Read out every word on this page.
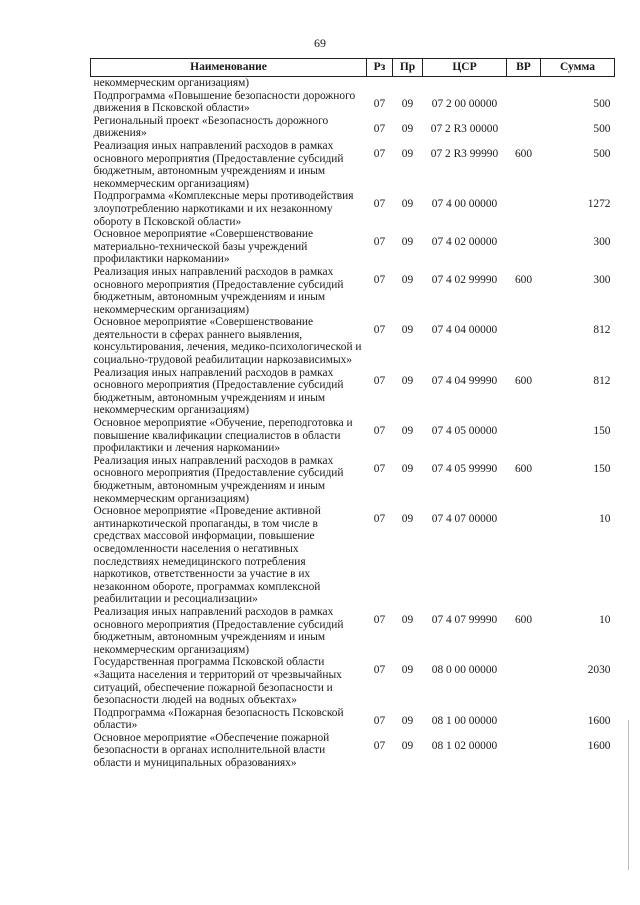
69
Наименование	Рз	Пр	ЦСР	ВР	Сумма
некоммерческим организациям)					
Подпрограмма «Повышение безопасности дорожного движения в Псковской области»	07	09	07 2 00 00000		500
Региональный проект «Безопасность дорожного движения»	07	09	07 2 R3 00000		500
Реализация иных направлений расходов в рамках основного мероприятия (Предоставление субсидий бюджетным, автономным учреждениям и иным некоммерческим организациям)	07	09	07 2 R3 99990	600	500
Подпрограмма «Комплексные меры противодействия злоупотреблению наркотиками и их незаконному обороту в Псковской области»	07	09	07 4 00 00000		1272
Основное мероприятие «Совершенствование материально-технической базы учреждений профилактики наркомании»	07	09	07 4 02 00000		300
Реализация иных направлений расходов в рамках основного мероприятия (Предоставление субсидий бюджетным, автономным учреждениям и иным некоммерческим организациям)	07	09	07 4 02 99990	600	300
Основное мероприятие «Совершенствование деятельности в сферах раннего выявления, консультирования, лечения, медико-психологической и социально-трудовой реабилитации наркозависимых»	07	09	07 4 04 00000		812
Реализация иных направлений расходов в рамках основного мероприятия (Предоставление субсидий бюджетным, автономным учреждениям и иным некоммерческим организациям)	07	09	07 4 04 99990	600	812
Основное мероприятие «Обучение, переподготовка и повышение квалификации специалистов в области профилактики и лечения наркомании»	07	09	07 4 05 00000		150
Реализация иных направлений расходов в рамках основного мероприятия (Предоставление субсидий бюджетным, автономным учреждениям и иным некоммерческим организациям)	07	09	07 4 05 99990	600	150
Основное мероприятие «Проведение активной антинаркотической пропаганды, в том числе в средствах массовой информации, повышение осведомленности населения о негативных последствиях немедицинского потребления наркотиков, ответственности за участие в их незаконном обороте, программах комплексной реабилитации и ресоциализации»	07	09	07 4 07 00000		10
Реализация иных направлений расходов в рамках основного мероприятия (Предоставление субсидий бюджетным, автономным учреждениям и иным некоммерческим организациям)	07	09	07 4 07 99990	600	10
Государственная программа Псковской области «Защита населения и территорий от чрезвычайных ситуаций, обеспечение пожарной безопасности и безопасности людей на водных объектах»	07	09	08 0 00 00000		2030
Подпрограмма «Пожарная безопасность Псковской области»	07	09	08 1 00 00000		1600
Основное мероприятие «Обеспечение пожарной безопасности в органах исполнительной власти области и муниципальных образованиях»	07	09	08 1 02 00000		1600
